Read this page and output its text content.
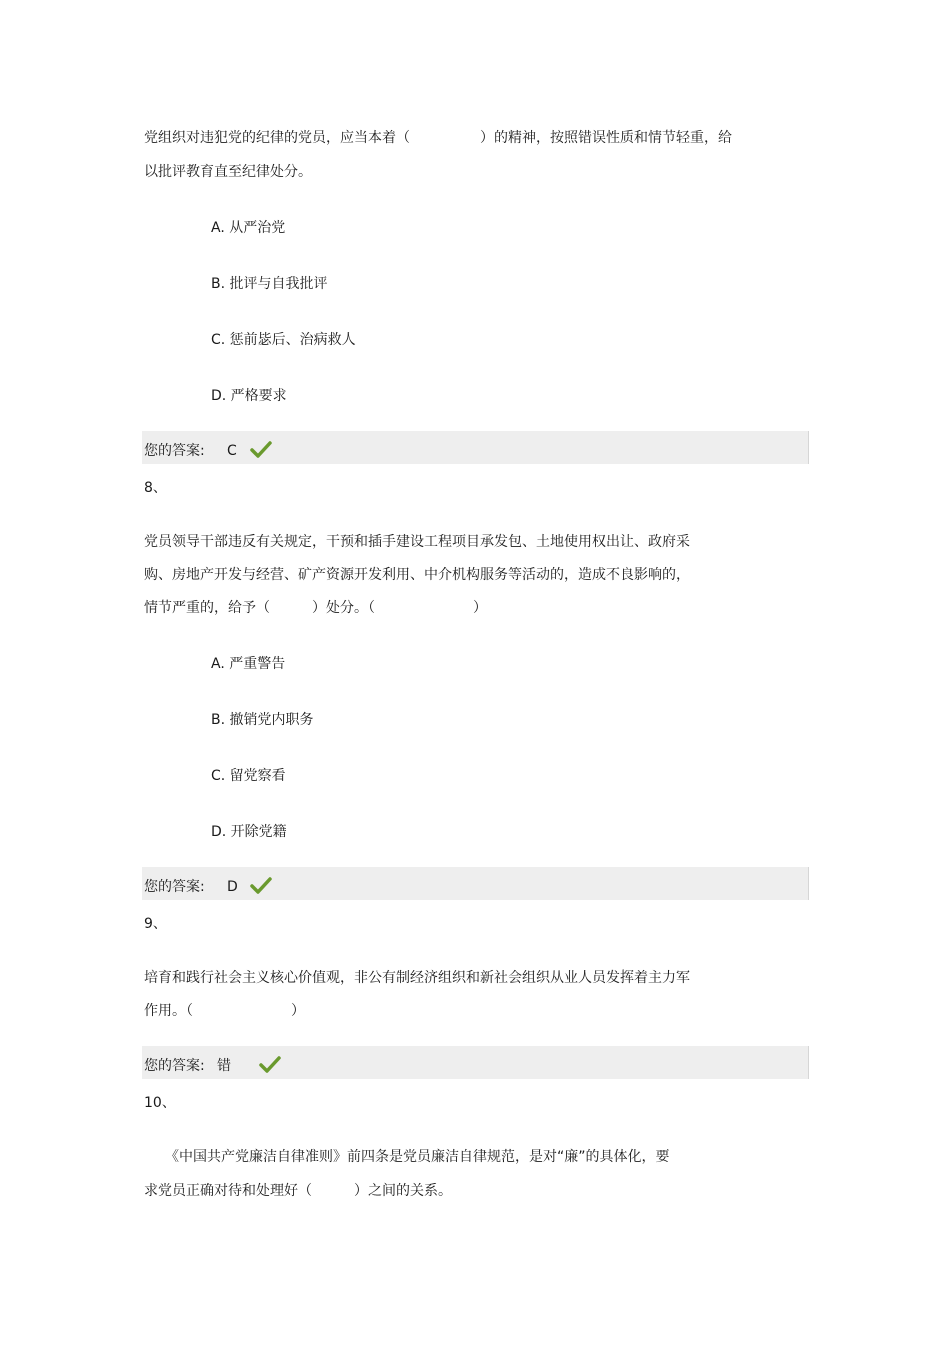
党组织对违犯党的纪律的党员，应当本着（　　　　　）的精神，按照错误性质和情节轻重，给
以批评教育直至纪律处分。
A. 从严治党
B. 批评与自我批评
C. 惩前毖后、治病救人
D. 严格要求
您的答案: C
8、
党员领导干部违反有关规定，干预和插手建设工程项目承发包、土地使用权出让、政府采
购、房地产开发与经营、矿产资源开发利用、中介机构服务等活动的，造成不良影响的，
情节严重的，给予（　　　）处分。（　　　　　　　）
A. 严重警告
B. 撤销党内职务
C. 留党察看
D. 开除党籍
您的答案: D
9、
培育和践行社会主义核心价值观，非公有制经济组织和新社会组织从业人员发挥着主力军
作用。（　　　　　　　）
您的答案: 错
10、
　　《中国共产党廉洁自律准则》前四条是党员廉洁自律规范，是对“廉”的具体化，要
求党员正确对待和处理好（　　　）之间的关系。
